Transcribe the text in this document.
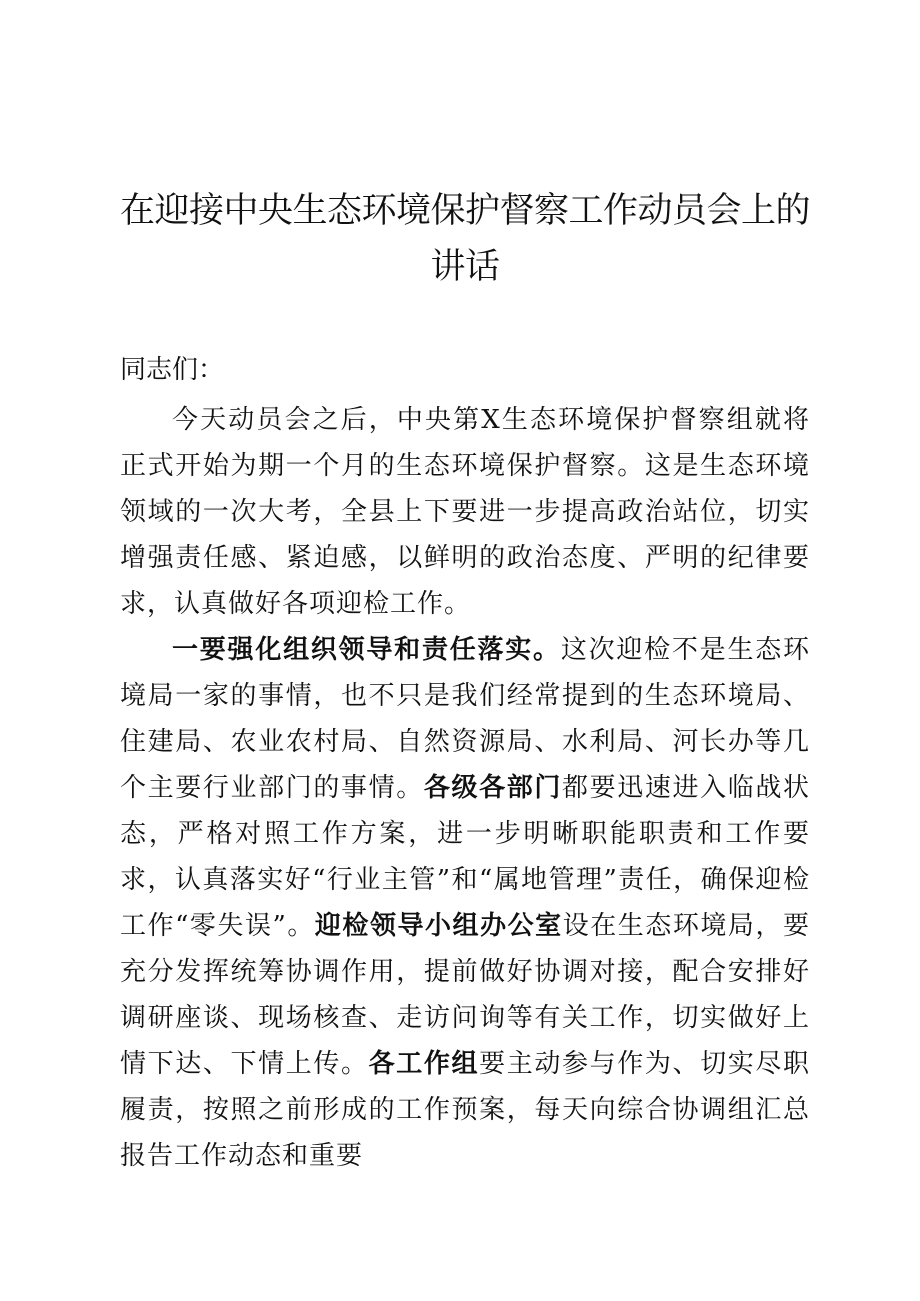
在迎接中央生态环境保护督察工作动员会上的讲话

同志们：

今天动员会之后，中央第X生态环境保护督察组就将正式开始为期一个月的生态环境保护督察。这是生态环境领域的一次大考，全县上下要进一步提高政治站位，切实增强责任感、紧迫感，以鲜明的政治态度、严明的纪律要求，认真做好各项迎检工作。

一要强化组织领导和责任落实。这次迎检不是生态环境局一家的事情，也不只是我们经常提到的生态环境局、住建局、农业农村局、自然资源局、水利局、河长办等几个主要行业部门的事情。各级各部门都要迅速进入临战状态，严格对照工作方案，进一步明晰职能职责和工作要求，认真落实好“行业主管”和“属地管理”责任，确保迎检工作“零失误”。迎检领导小组办公室设在生态环境局，要充分发挥统筹协调作用，提前做好协调对接，配合安排好调研座谈、现场核查、走访问询等有关工作，切实做好上情下达、下情上传。各工作组要主动参与作为、切实尽职履责，按照之前形成的工作预案，每天向综合协调组汇总报告工作动态和重要
